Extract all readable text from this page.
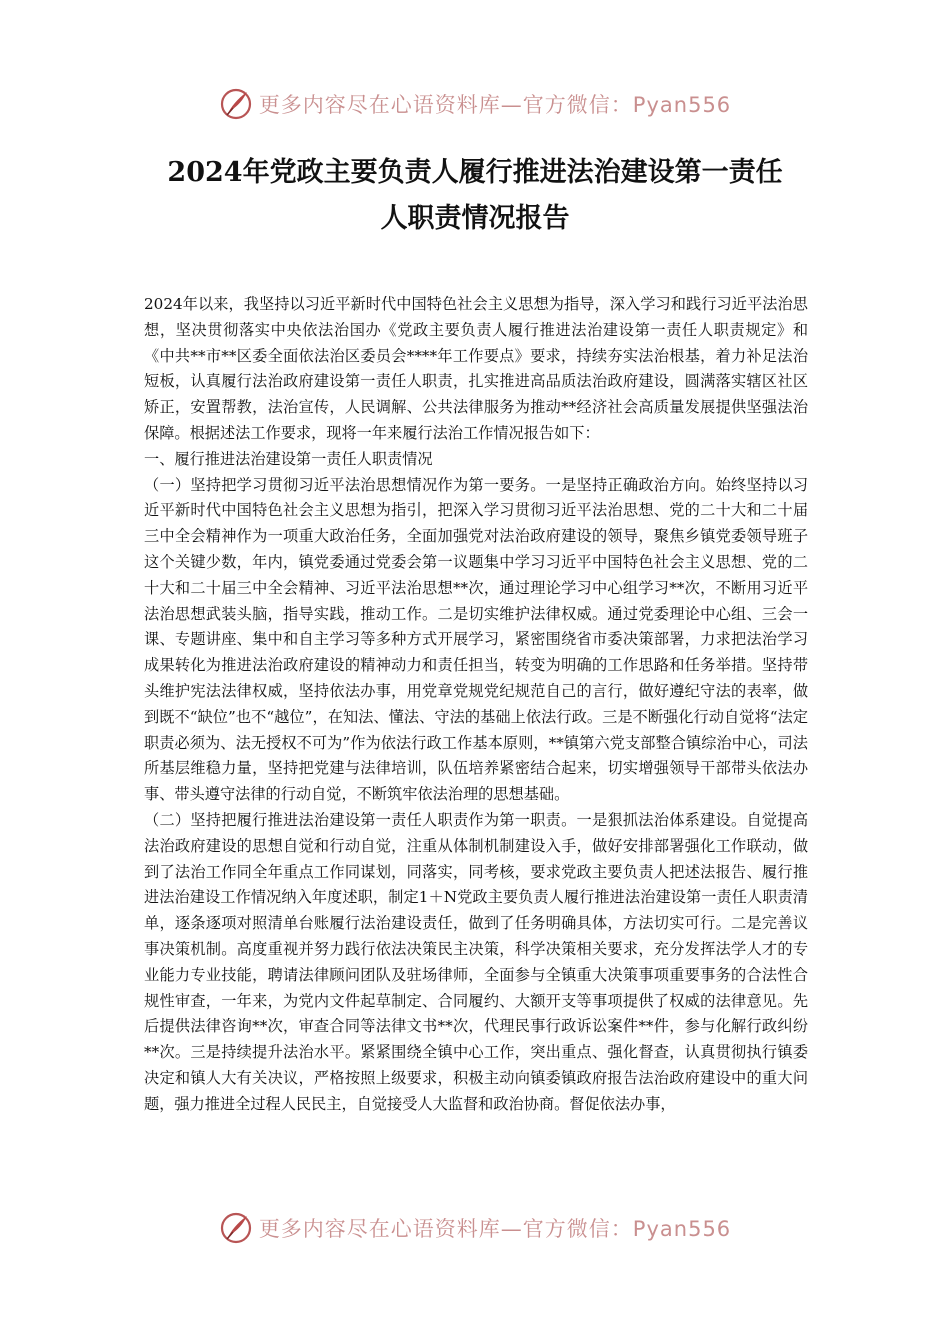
更多内容尽在心语资料库—官方微信：Pyan556
2024年党政主要负责人履行推进法治建设第一责任
人职责情况报告

2024年以来，我坚持以习近平新时代中国特色社会主义思想为指导，深入学习和践行习近平法治思想，坚决贯彻落实中央依法治国办《党政主要负责人履行推进法治建设第一责任人职责规定》和《中共**市**区委全面依法治区委员会****年工作要点》要求，持续夯实法治根基，着力补足法治短板，认真履行法治政府建设第一责任人职责，扎实推进高品质法治政府建设，圆满落实辖区社区矫正，安置帮教，法治宣传，人民调解、公共法律服务为推动**经济社会高质量发展提供坚强法治保障。根据述法工作要求，现将一年来履行法治工作情况报告如下：

一、履行推进法治建设第一责任人职责情况

（一）坚持把学习贯彻习近平法治思想情况作为第一要务。一是坚持正确政治方向。始终坚持以习近平新时代中国特色社会主义思想为指引，把深入学习贯彻习近平法治思想、党的二十大和二十届三中全会精神作为一项重大政治任务，全面加强党对法治政府建设的领导，聚焦乡镇党委领导班子这个关键少数，年内，镇党委通过党委会第一议题集中学习习近平中国特色社会主义思想、党的二十大和二十届三中全会精神、习近平法治思想**次，通过理论学习中心组学习**次，不断用习近平法治思想武装头脑，指导实践，推动工作。二是切实维护法律权威。通过党委理论中心组、三会一课、专题讲座、集中和自主学习等多种方式开展学习，紧密围绕省市委决策部署，力求把法治学习成果转化为推进法治政府建设的精神动力和责任担当，转变为明确的工作思路和任务举措。坚持带头维护宪法法律权威，坚持依法办事，用党章党规党纪规范自己的言行，做好遵纪守法的表率，做到既不“缺位”也不“越位”，在知法、懂法、守法的基础上依法行政。三是不断强化行动自觉将“法定职责必须为、法无授权不可为”作为依法行政工作基本原则，**镇第六党支部整合镇综治中心，司法所基层维稳力量，坚持把党建与法律培训，队伍培养紧密结合起来，切实增强领导干部带头依法办事、带头遵守法律的行动自觉，不断筑牢依法治理的思想基础。

（二）坚持把履行推进法治建设第一责任人职责作为第一职责。一是狠抓法治体系建设。自觉提高法治政府建设的思想自觉和行动自觉，注重从体制机制建设入手，做好安排部署强化工作联动，做到了法治工作同全年重点工作同谋划，同落实，同考核，要求党政主要负责人把述法报告、履行推进法治建设工作情况纳入年度述职，制定1＋N党政主要负责人履行推进法治建设第一责任人职责清单，逐条逐项对照清单台账履行法治建设责任，做到了任务明确具体，方法切实可行。二是完善议事决策机制。高度重视并努力践行依法决策民主决策，科学决策相关要求，充分发挥法学人才的专业能力专业技能，聘请法律顾问团队及驻场律师，全面参与全镇重大决策事项重要事务的合法性合规性审查，一年来，为党内文件起草制定、合同履约、大额开支等事项提供了权威的法律意见。先后提供法律咨询**次，审查合同等法律文书**次，代理民事行政诉讼案件**件，参与化解行政纠纷**次。三是持续提升法治水平。紧紧围绕全镇中心工作，突出重点、强化督查，认真贯彻执行镇委决定和镇人大有关决议，严格按照上级要求，积极主动向镇委镇政府报告法治政府建设中的重大问题，强力推进全过程人民民主，自觉接受人大监督和政治协商。督促依法办事，

更多内容尽在心语资料库—官方微信：Pyan556
